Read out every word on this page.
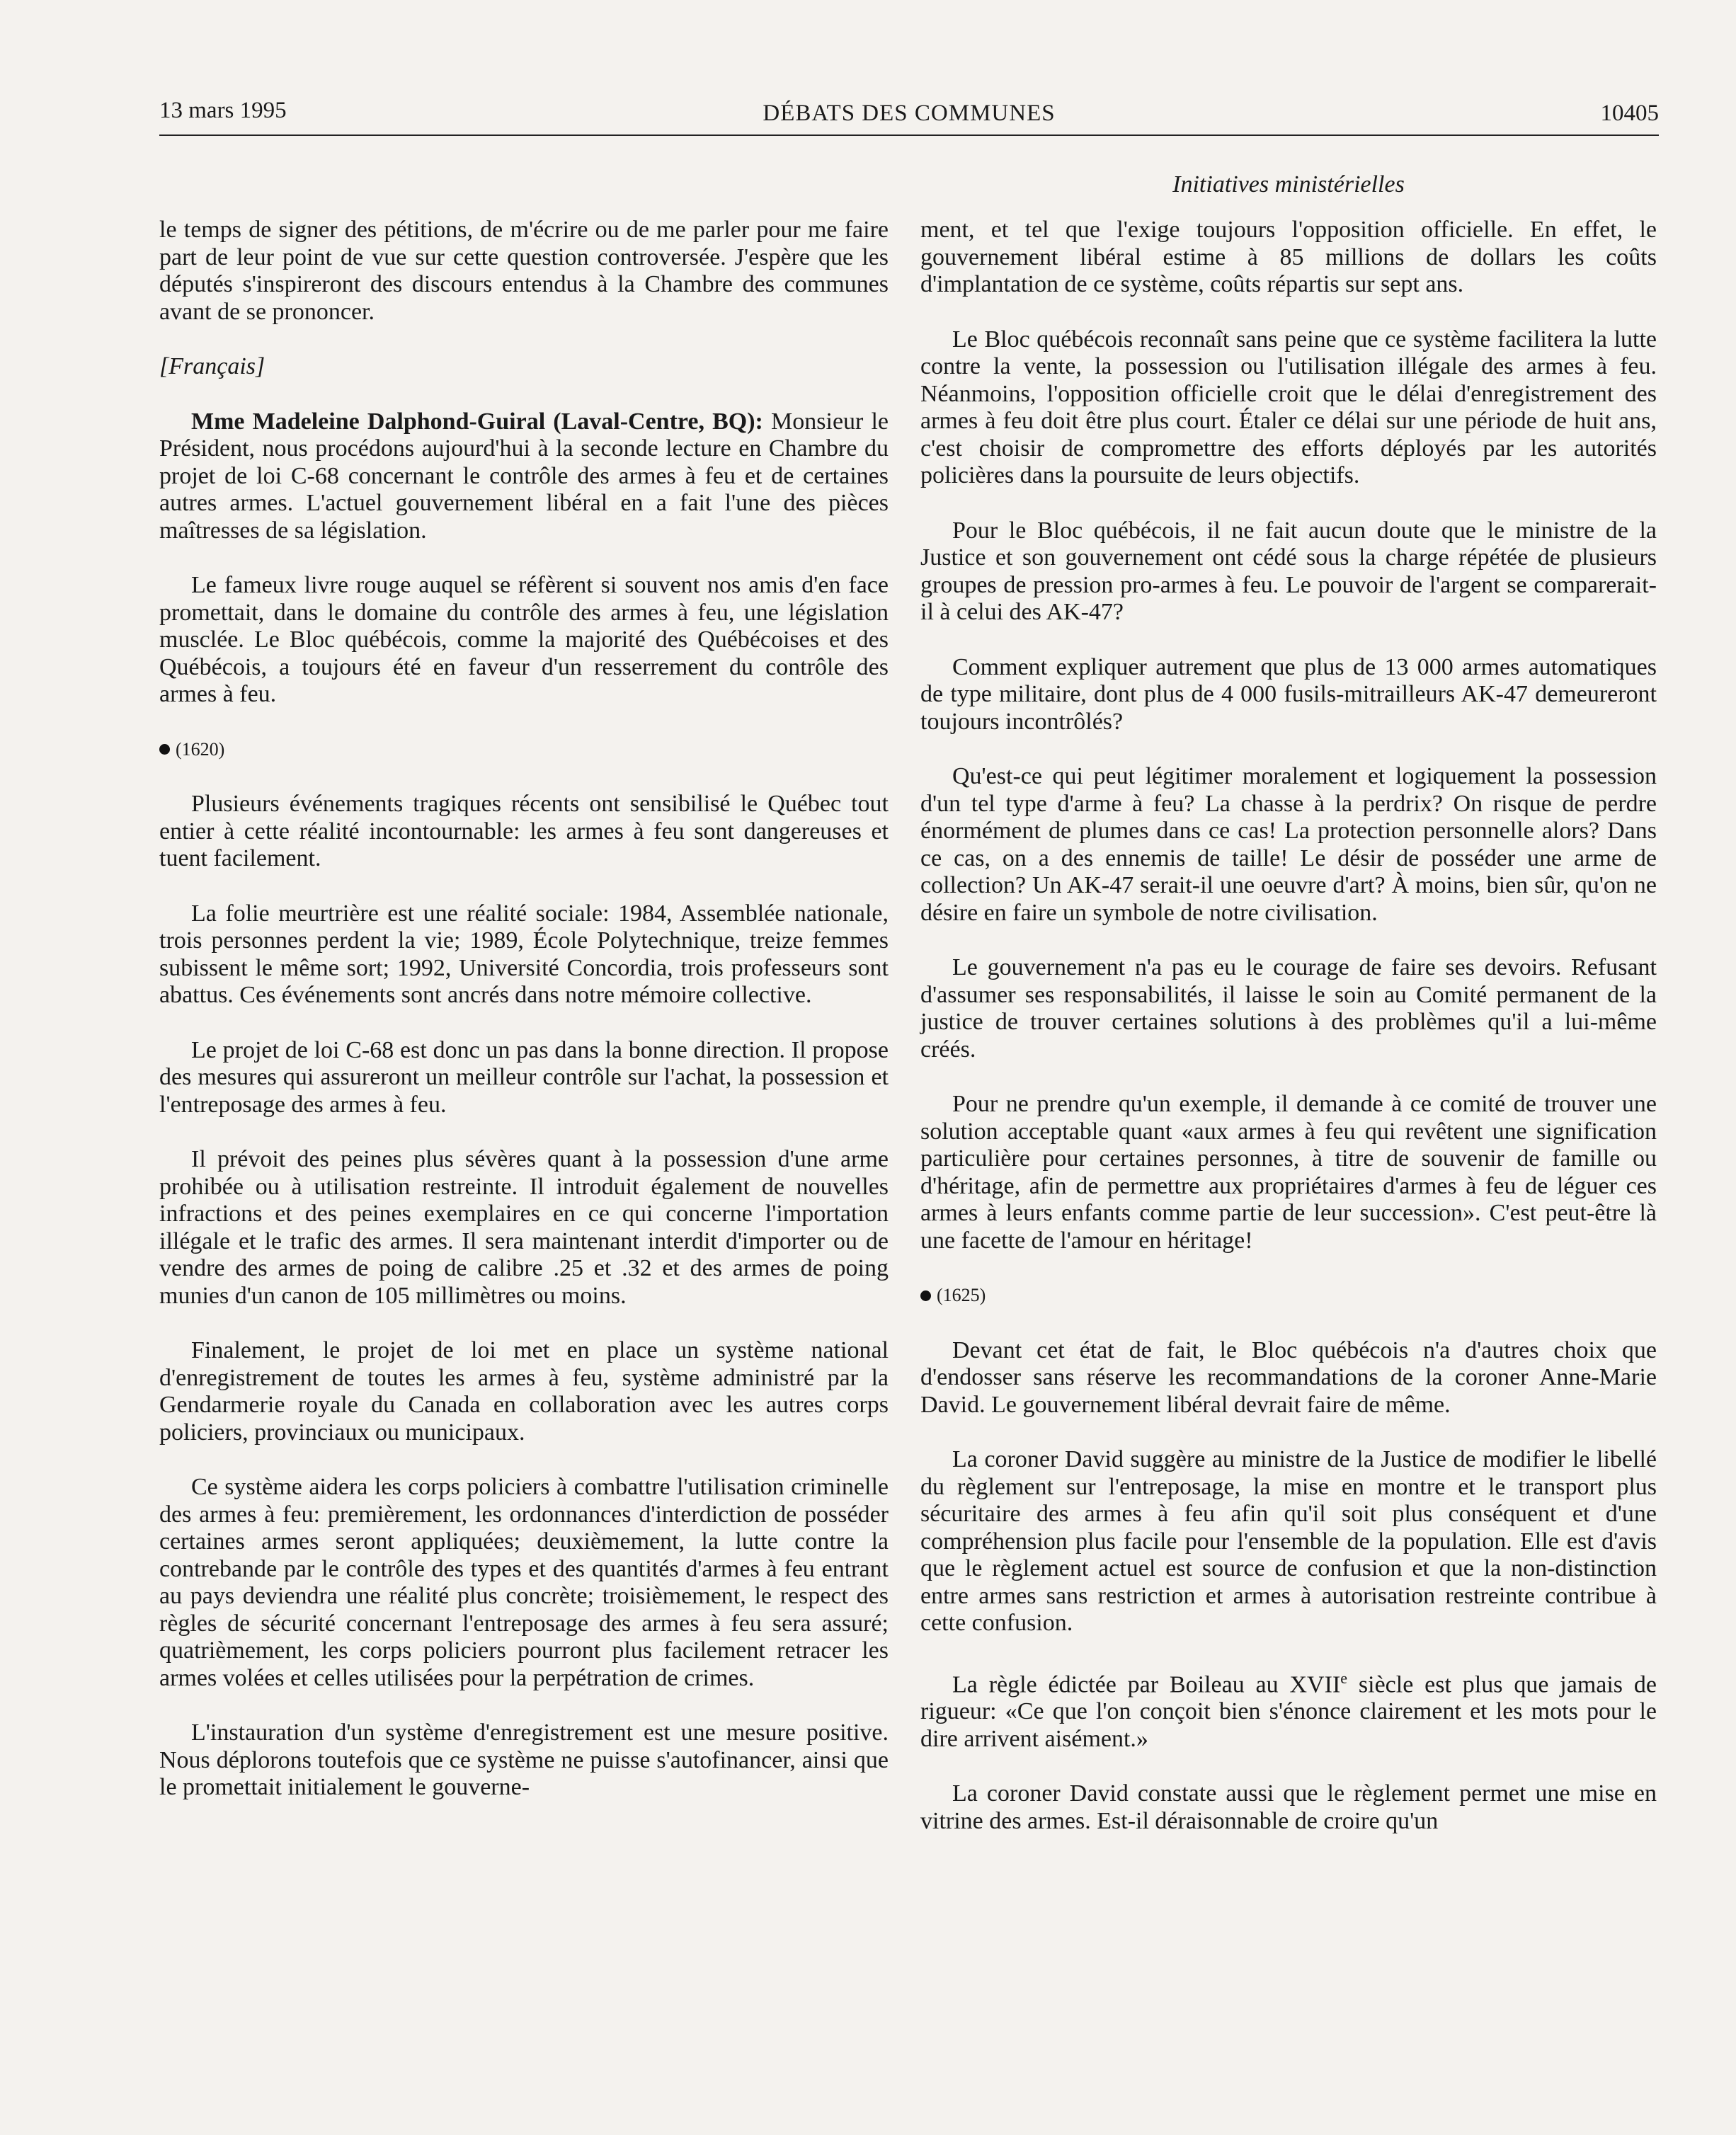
13 mars 1995	DÉBATS DES COMMUNES	10405
Initiatives ministérielles

le temps de signer des pétitions, de m'écrire ou de me parler pour me faire part de leur point de vue sur cette question controversée. J'espère que les députés s'inspireront des discours entendus à la Chambre des communes avant de se prononcer.

[Français]

Mme Madeleine Dalphond-Guiral (Laval-Centre, BQ): Monsieur le Président, nous procédons aujourd'hui à la seconde lecture en Chambre du projet de loi C-68 concernant le contrôle des armes à feu et de certaines autres armes. L'actuel gouvernement libéral en a fait l'une des pièces maîtresses de sa législation.

Le fameux livre rouge auquel se réfèrent si souvent nos amis d'en face promettait, dans le domaine du contrôle des armes à feu, une législation musclée. Le Bloc québécois, comme la majorité des Québécoises et des Québécois, a toujours été en faveur d'un resserrement du contrôle des armes à feu.

(1620)

Plusieurs événements tragiques récents ont sensibilisé le Québec tout entier à cette réalité incontournable: les armes à feu sont dangereuses et tuent facilement.

La folie meurtrière est une réalité sociale: 1984, Assemblée nationale, trois personnes perdent la vie; 1989, École Polytechnique, treize femmes subissent le même sort; 1992, Université Concordia, trois professeurs sont abattus. Ces événements sont ancrés dans notre mémoire collective.

Le projet de loi C-68 est donc un pas dans la bonne direction. Il propose des mesures qui assureront un meilleur contrôle sur l'achat, la possession et l'entreposage des armes à feu.

Il prévoit des peines plus sévères quant à la possession d'une arme prohibée ou à utilisation restreinte. Il introduit également de nouvelles infractions et des peines exemplaires en ce qui concerne l'importation illégale et le trafic des armes. Il sera maintenant interdit d'importer ou de vendre des armes de poing de calibre .25 et .32 et des armes de poing munies d'un canon de 105 millimètres ou moins.

Finalement, le projet de loi met en place un système national d'enregistrement de toutes les armes à feu, système administré par la Gendarmerie royale du Canada en collaboration avec les autres corps policiers, provinciaux ou municipaux.

Ce système aidera les corps policiers à combattre l'utilisation criminelle des armes à feu: premièrement, les ordonnances d'interdiction de posséder certaines armes seront appliquées; deuxièmement, la lutte contre la contrebande par le contrôle des types et des quantités d'armes à feu entrant au pays deviendra une réalité plus concrète; troisièmement, le respect des règles de sécurité concernant l'entreposage des armes à feu sera assuré; quatrièmement, les corps policiers pourront plus facilement retracer les armes volées et celles utilisées pour la perpétration de crimes.

L'instauration d'un système d'enregistrement est une mesure positive. Nous déplorons toutefois que ce système ne puisse s'autofinancer, ainsi que le promettait initialement le gouverne-

ment, et tel que l'exige toujours l'opposition officielle. En effet, le gouvernement libéral estime à 85 millions de dollars les coûts d'implantation de ce système, coûts répartis sur sept ans.

Le Bloc québécois reconnaît sans peine que ce système facilitera la lutte contre la vente, la possession ou l'utilisation illégale des armes à feu. Néanmoins, l'opposition officielle croit que le délai d'enregistrement des armes à feu doit être plus court. Étaler ce délai sur une période de huit ans, c'est choisir de compromettre des efforts déployés par les autorités policières dans la poursuite de leurs objectifs.

Pour le Bloc québécois, il ne fait aucun doute que le ministre de la Justice et son gouvernement ont cédé sous la charge répétée de plusieurs groupes de pression pro-armes à feu. Le pouvoir de l'argent se comparerait-il à celui des AK-47?

Comment expliquer autrement que plus de 13 000 armes automatiques de type militaire, dont plus de 4 000 fusils-mitrailleurs AK-47 demeureront toujours incontrôlés?

Qu'est-ce qui peut légitimer moralement et logiquement la possession d'un tel type d'arme à feu? La chasse à la perdrix? On risque de perdre énormément de plumes dans ce cas! La protection personnelle alors? Dans ce cas, on a des ennemis de taille! Le désir de posséder une arme de collection? Un AK-47 serait-il une oeuvre d'art? À moins, bien sûr, qu'on ne désire en faire un symbole de notre civilisation.

Le gouvernement n'a pas eu le courage de faire ses devoirs. Refusant d'assumer ses responsabilités, il laisse le soin au Comité permanent de la justice de trouver certaines solutions à des problèmes qu'il a lui-même créés.

Pour ne prendre qu'un exemple, il demande à ce comité de trouver une solution acceptable quant «aux armes à feu qui revêtent une signification particulière pour certaines personnes, à titre de souvenir de famille ou d'héritage, afin de permettre aux propriétaires d'armes à feu de léguer ces armes à leurs enfants comme partie de leur succession». C'est peut-être là une facette de l'amour en héritage!

(1625)

Devant cet état de fait, le Bloc québécois n'a d'autres choix que d'endosser sans réserve les recommandations de la coroner Anne-Marie David. Le gouvernement libéral devrait faire de même.

La coroner David suggère au ministre de la Justice de modifier le libellé du règlement sur l'entreposage, la mise en montre et le transport plus sécuritaire des armes à feu afin qu'il soit plus conséquent et d'une compréhension plus facile pour l'ensemble de la population. Elle est d'avis que le règlement actuel est source de confusion et que la non-distinction entre armes sans restriction et armes à autorisation restreinte contribue à cette confusion.

La règle édictée par Boileau au XVIIe siècle est plus que jamais de rigueur: «Ce que l'on conçoit bien s'énonce clairement et les mots pour le dire arrivent aisément.»

La coroner David constate aussi que le règlement permet une mise en vitrine des armes. Est-il déraisonnable de croire qu'un
